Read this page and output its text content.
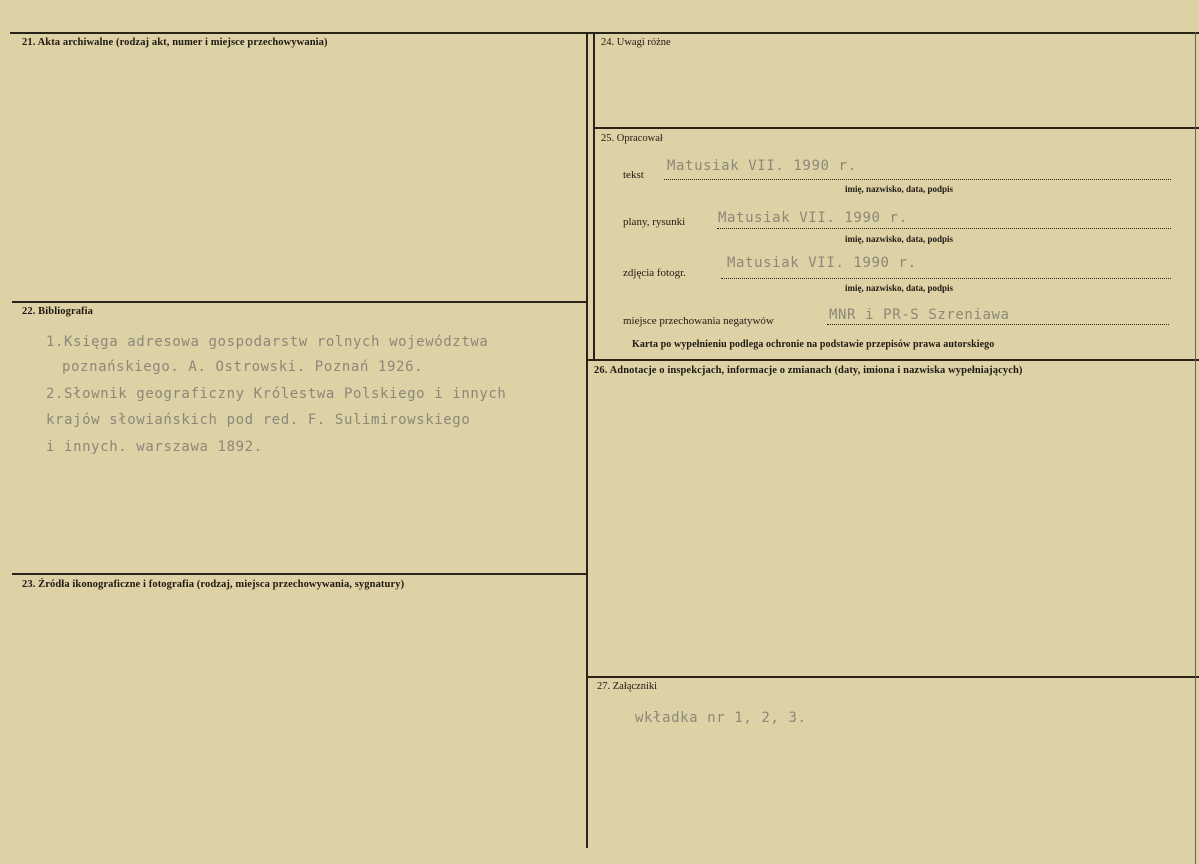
21. Akta archiwalne (rodzaj akt, numer i miejsce przechowywania)
22. Bibliografia
1.Księga adresowa gospodarstw rolnych województwa
poznańskiego. A. Ostrowski. Poznań 1926.
2.Słownik geograficzny Królestwa Polskiego i innych
krajów słowiańskich pod red. F. Sulimirowskiego
i innych. warszawa 1892.
23. Źródła ikonograficzne i fotografia (rodzaj, miejsca przechowywania, sygnatury)
24. Uwagi różne
25. Opracował
tekst
Matusiak VII. 1990 r.
imię, nazwisko, data, podpis
plany, rysunki Matusiak VII. 1990 r.
imię, nazwisko, data, podpis
zdjęcia fotogr.
Matusiak VII. 1990 r.
imię, nazwisko, data, podpis
miejsce przechowania negatywów	MNR i PR-S Szreniawa
Karta po wypełnieniu podlega ochronie na podstawie przepisów prawa autorskiego
26. Adnotacje o inspekcjach, informacje o zmianach (daty, imiona i nazwiska wypełniających)
27. Załączniki
wkładka nr 1, 2, 3.
